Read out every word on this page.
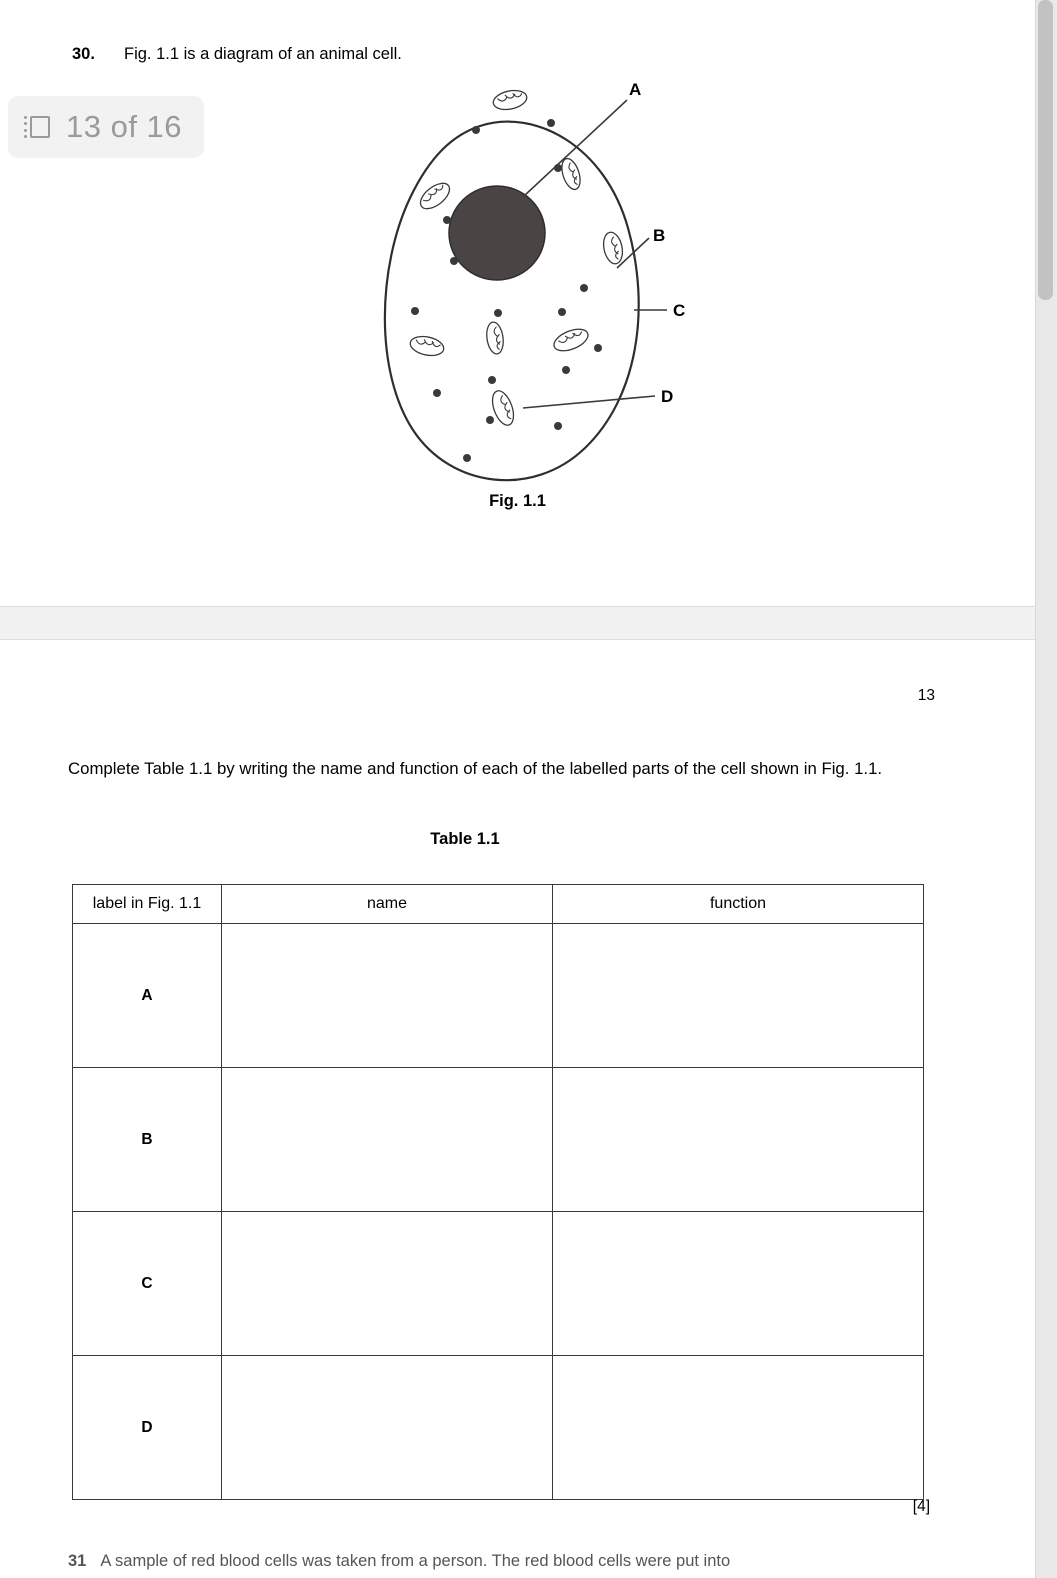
30. Fig. 1.1 is a diagram of an animal cell.
13 of 16
A
B
C
D
Fig. 1.1
13
Complete Table 1.1 by writing the name and function of each of the labelled parts of the cell shown in Fig. 1.1.
Table 1.1
label in Fig. 1.1	name	function
A		
B		
C		
D		
[4]
31 A sample of red blood cells was taken from a person. The red blood cells were put into
